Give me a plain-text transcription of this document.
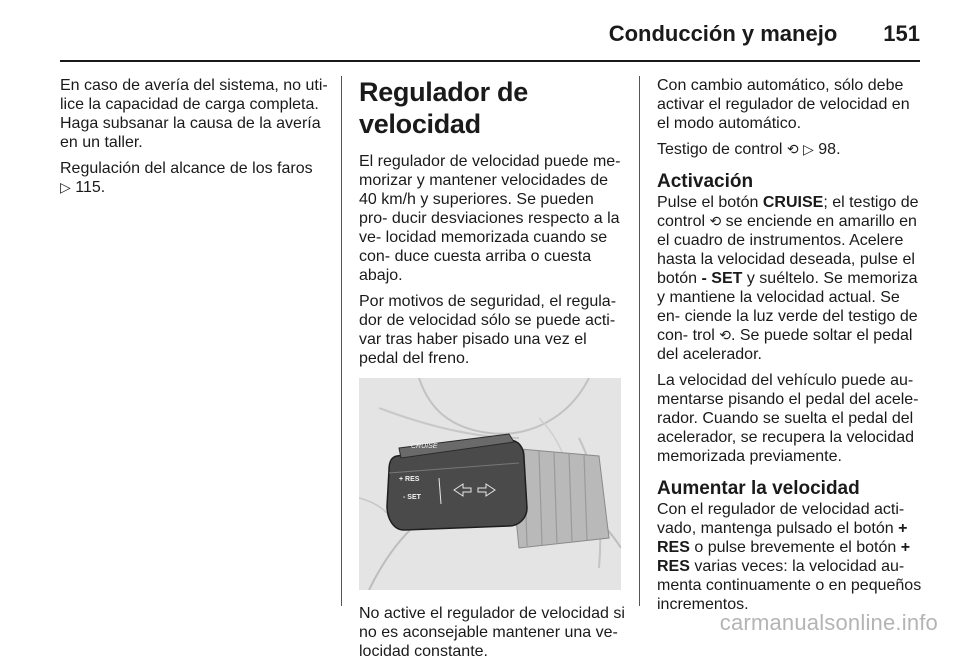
Conducción y manejo 151

En caso de avería del sistema, no uti- lice la capacidad de carga completa. Haga subsanar la causa de la avería en un taller.

Regulación del alcance de los faros
▷ 115.

Regulador de velocidad

El regulador de velocidad puede me- morizar y mantener velocidades de 40 km/h y superiores. Se pueden pro- ducir desviaciones respecto a la ve- locidad memorizada cuando se con- duce cuesta arriba o cuesta abajo.

Por motivos de seguridad, el regula- dor de velocidad sólo se puede acti- var tras haber pisado una vez el pedal del freno.

CRUISE
+ RES
- SET

No active el regulador de velocidad si no es aconsejable mantener una ve- locidad constante.

Con cambio automático, sólo debe activar el regulador de velocidad en el modo automático.

Testigo de control ⟲ ▷ 98.

Activación

Pulse el botón CRUISE; el testigo de control ⟲ se enciende en amarillo en el cuadro de instrumentos. Acelere hasta la velocidad deseada, pulse el botón - SET y suéltelo. Se memoriza y mantiene la velocidad actual. Se en- ciende la luz verde del testigo de con- trol ⟲. Se puede soltar el pedal del acelerador.

La velocidad del vehículo puede au- mentarse pisando el pedal del acele- rador. Cuando se suelta el pedal del acelerador, se recupera la velocidad memorizada previamente.

Aumentar la velocidad

Con el regulador de velocidad acti- vado, mantenga pulsado el botón + RES o pulse brevemente el botón + RES varias veces: la velocidad au- menta continuamente o en pequeños incrementos.

carmanualsonline.info
